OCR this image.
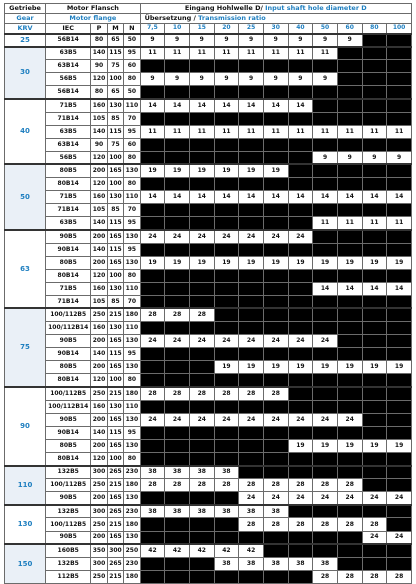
Getriebe	Motor Flansch				Eingang Hohlwelle D/ Input shaft hole diameter D										
Gear	Motor flange				Übersetzung / Transmission ratio										
KRV	IEC	P	M	N	7,5	10	15	20	25	30	40	50	60	80	100
25	56B14	80	65	50	9	9	9	9	9	9	9	9	9		
30	63B5	140	115	95	11	11	11	11	11	11	11	11			
	63B14	90	75	60											
	56B5	120	100	80	9	9	9	9	9	9	9	9			
	56B14	80	65	50											
40	71B5	160	130	110	14	14	14	14	14	14	14				
	71B14	105	85	70											
	63B5	140	115	95	11	11	11	11	11	11	11	11	11	11	11
	63B14	90	75	60											
	56B5	120	100	80								9	9	9	9
50	80B5	200	165	130	19	19	19	19	19	19					
	80B14	120	100	80											
	71B5	160	130	110	14	14	14	14	14	14	14	14	14	14	14
	71B14	105	85	70											
	63B5	140	115	95								11	11	11	11
63	90B5	200	165	130	24	24	24	24	24	24	24				
	90B14	140	115	95											
	80B5	200	165	130	19	19	19	19	19	19	19	19	19	19	19
	80B14	120	100	80											
	71B5	160	130	110								14	14	14	14
	71B14	105	85	70											
75	100/112B5	250	215	180	28	28	28								
	100/112B14	160	130	110											
	90B5	200	165	130	24	24	24	24	24	24	24	24			
	90B14	140	115	95											
	80B5	200	165	130				19	19	19	19	19	19	19	19
	80B14	120	100	80											
90	100/112B5	250	215	180	28	28	28	28	28	28					
	100/112B14	160	130	110											
	90B5	200	165	130	24	24	24	24	24	24	24	24	24		
	90B14	140	115	95											
	80B5	200	165	130							19	19	19	19	19
	80B14	120	100	80											
110	132B5	300	265	230	38	38	38	38							
	100/112B5	250	215	180	28	28	28	28	28	28	28	28	28		
	90B5	200	165	130					24	24	24	24	24	24	24
130	132B5	300	265	230	38	38	38	38	38	38					
	100/112B5	250	215	180					28	28	28	28	28	28	
	90B5	200	165	130										24	24
150	160B5	350	300	250	42	42	42	42	42						
	132B5	300	265	230				38	38	38	38	38			
	112B5	250	215	180								28	28	28	28
